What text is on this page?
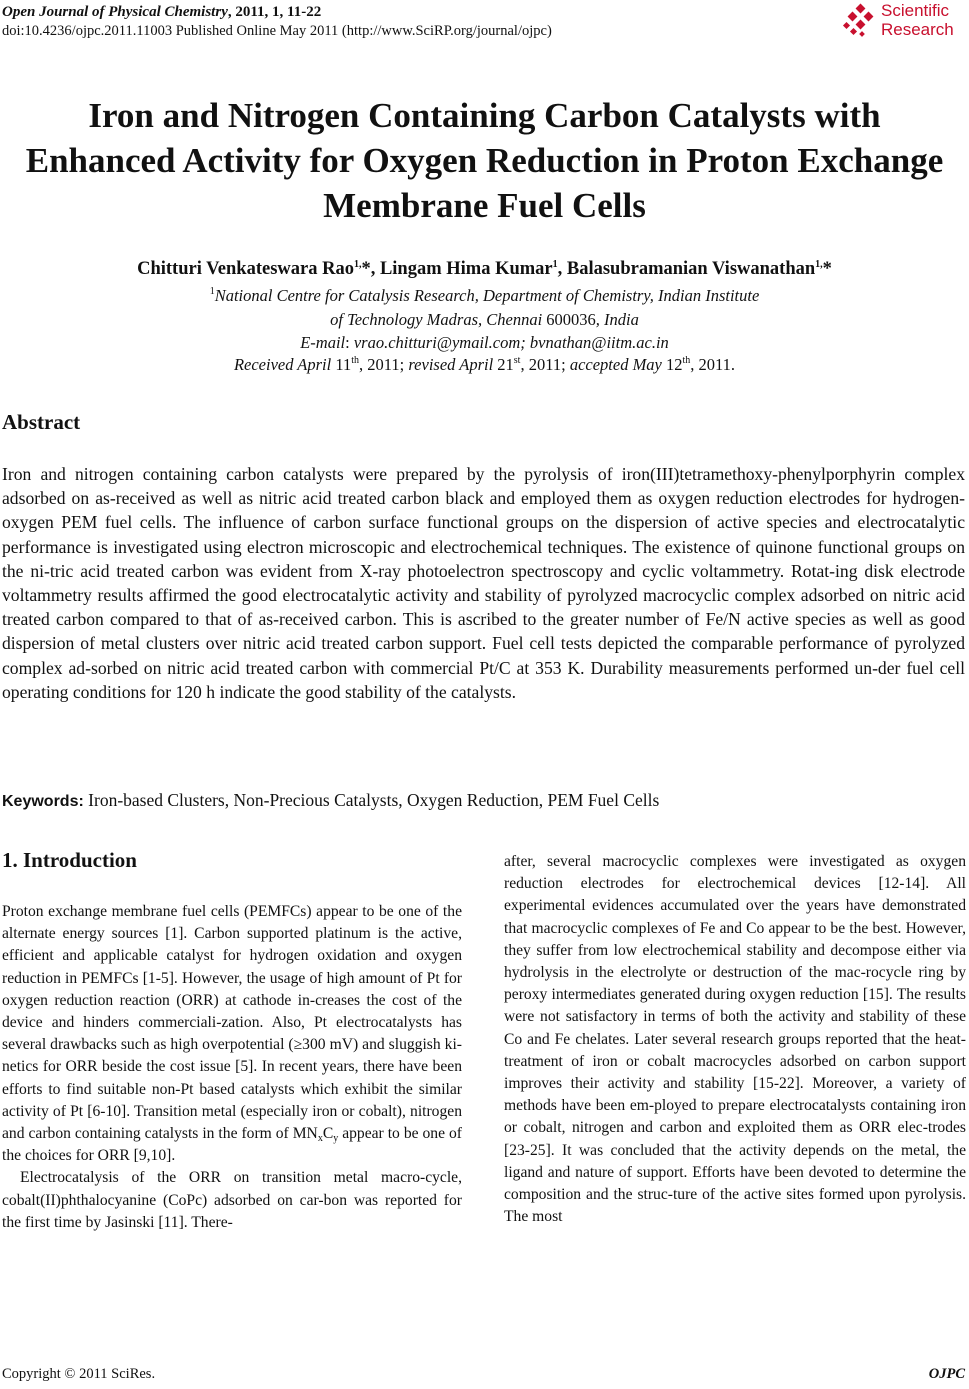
Open Journal of Physical Chemistry, 2011, 1, 11-22
doi:10.4236/ojpc.2011.11003 Published Online May 2011 (http://www.SciRP.org/journal/ojpc)
Scientific
Research
Iron and Nitrogen Containing Carbon Catalysts with Enhanced Activity for Oxygen Reduction in Proton Exchange Membrane Fuel Cells
Chitturi Venkateswara Rao$^{1,}$*, Lingam Hima Kumar$^1$, Balasubramanian Viswanathan$^{1,}$*
$^1$National Centre for Catalysis Research, Department of Chemistry, Indian Institute
of Technology Madras, Chennai 600036, India
E-mail: vrao.chitturi@ymail.com; bvnathan@iitm.ac.in
Received April 11th, 2011; revised April 21st, 2011; accepted May 12th, 2011.
Abstract

Iron and nitrogen containing carbon catalysts were prepared by the pyrolysis of iron(III)tetramethoxy-phenylporphyrin complex adsorbed on as-received as well as nitric acid treated carbon black and employed them as oxygen reduction electrodes for hydrogen-oxygen PEM fuel cells. The influence of carbon surface functional groups on the dispersion of active species and electrocatalytic performance is investigated using electron microscopic and electrochemical techniques. The existence of quinone functional groups on the ni-tric acid treated carbon was evident from X-ray photoelectron spectroscopy and cyclic voltammetry. Rotat-ing disk electrode voltammetry results affirmed the good electrocatalytic activity and stability of pyrolyzed macrocyclic complex adsorbed on nitric acid treated carbon compared to that of as-received carbon. This is ascribed to the greater number of Fe/N active species as well as good dispersion of metal clusters over nitric acid treated carbon support. Fuel cell tests depicted the comparable performance of pyrolyzed complex ad-sorbed on nitric acid treated carbon with commercial Pt/C at 353 K. Durability measurements performed un-der fuel cell operating conditions for 120 h indicate the good stability of the catalysts.

Keywords: Iron-based Clusters, Non-Precious Catalysts, Oxygen Reduction, PEM Fuel Cells
1. Introduction

Proton exchange membrane fuel cells (PEMFCs) appear to be one of the alternate energy sources [1]. Carbon supported platinum is the active, efficient and applicable catalyst for hydrogen oxidation and oxygen reduction in PEMFCs [1-5]. However, the usage of high amount of Pt for oxygen reduction reaction (ORR) at cathode in-creases the cost of the device and hinders commerciali-zation. Also, Pt electrocatalysts has several drawbacks such as high overpotential (≥300 mV) and sluggish ki-netics for ORR beside the cost issue [5]. In recent years, there have been efforts to find suitable non-Pt based catalysts which exhibit the similar activity of Pt [6-10]. Transition metal (especially iron or cobalt), nitrogen and carbon containing catalysts in the form of $MN_xC_y$ appear to be one of the choices for ORR [9,10].

Electrocatalysis of the ORR on transition metal macro-cycle, cobalt(II)phthalocyanine (CoPc) adsorbed on car-bon was reported for the first time by Jasinski [11]. There-

after, several macrocyclic complexes were investigated as oxygen reduction electrodes for electrochemical devices [12-14]. All experimental evidences accumulated over the years have demonstrated that macrocyclic complexes of Fe and Co appear to be the best. However, they suffer from low electrochemical stability and decompose either via hydrolysis in the electrolyte or destruction of the mac-rocycle ring by peroxy intermediates generated during oxygen reduction [15]. The results were not satisfactory in terms of both the activity and stability of these Co and Fe chelates. Later several research groups reported that the heat-treatment of iron or cobalt macrocycles adsorbed on carbon support improves their activity and stability [15-22]. Moreover, a variety of methods have been em-ployed to prepare electrocatalysts containing iron or cobalt, nitrogen and carbon and exploited them as ORR elec-trodes [23-25]. It was concluded that the activity depends on the metal, the ligand and nature of support. Efforts have been devoted to determine the composition and the struc-ture of the active sites formed upon pyrolysis. The most

Copyright © 2011 SciRes.	OJPC
